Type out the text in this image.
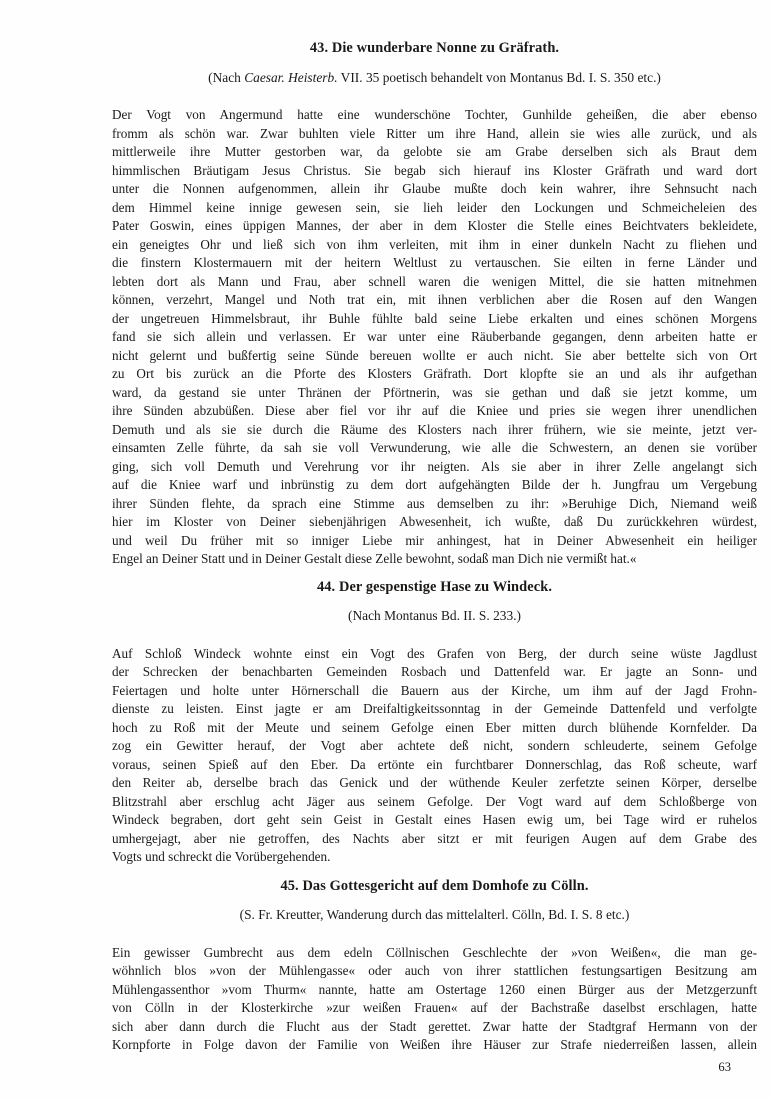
43. Die wunderbare Nonne zu Gräfrath.
(Nach Caesar. Heisterb. VII. 35 poetisch behandelt von Montanus Bd. I. S. 350 etc.)
Der Vogt von Angermund hatte eine wunderschöne Tochter, Gunhilde geheißen, die aber ebenso
fromm als schön war. Zwar buhlten viele Ritter um ihre Hand, allein sie wies alle zurück, und als
mittlerweile ihre Mutter gestorben war, da gelobte sie am Grabe derselben sich als Braut dem
himmlischen Bräutigam Jesus Christus. Sie begab sich hierauf ins Kloster Gräfrath und ward dort
unter die Nonnen aufgenommen, allein ihr Glaube mußte doch kein wahrer, ihre Sehnsucht nach
dem Himmel keine innige gewesen sein, sie lieh leider den Lockungen und Schmeicheleien des
Pater Goswin, eines üppigen Mannes, der aber in dem Kloster die Stelle eines Beichtvaters bekleidete,
ein geneigtes Ohr und ließ sich von ihm verleiten, mit ihm in einer dunkeln Nacht zu fliehen und
die finstern Klostermauern mit der heitern Weltlust zu vertauschen. Sie eilten in ferne Länder und
lebten dort als Mann und Frau, aber schnell waren die wenigen Mittel, die sie hatten mitnehmen
können, verzehrt, Mangel und Noth trat ein, mit ihnen verblichen aber die Rosen auf den Wangen
der ungetreuen Himmelsbraut, ihr Buhle fühlte bald seine Liebe erkalten und eines schönen Morgens
fand sie sich allein und verlassen. Er war unter eine Räuberbande gegangen, denn arbeiten hatte er
nicht gelernt und bußfertig seine Sünde bereuen wollte er auch nicht. Sie aber bettelte sich von Ort
zu Ort bis zurück an die Pforte des Klosters Gräfrath. Dort klopfte sie an und als ihr aufgethan
ward, da gestand sie unter Thränen der Pförtnerin, was sie gethan und daß sie jetzt komme, um
ihre Sünden abzubüßen. Diese aber fiel vor ihr auf die Kniee und pries sie wegen ihrer unendlichen
Demuth und als sie sie durch die Räume des Klosters nach ihrer frühern, wie sie meinte, jetzt ver-
einsamten Zelle führte, da sah sie voll Verwunderung, wie alle die Schwestern, an denen sie vorüber
ging, sich voll Demuth und Verehrung vor ihr neigten. Als sie aber in ihrer Zelle angelangt sich
auf die Kniee warf und inbrünstig zu dem dort aufgehängten Bilde der h. Jungfrau um Vergebung
ihrer Sünden flehte, da sprach eine Stimme aus demselben zu ihr: »Beruhige Dich, Niemand weiß
hier im Kloster von Deiner siebenjährigen Abwesenheit, ich wußte, daß Du zurückkehren würdest,
und weil Du früher mit so inniger Liebe mir anhingest, hat in Deiner Abwesenheit ein heiliger
Engel an Deiner Statt und in Deiner Gestalt diese Zelle bewohnt, sodaß man Dich nie vermißt hat.«
44. Der gespenstige Hase zu Windeck.
(Nach Montanus Bd. II. S. 233.)
Auf Schloß Windeck wohnte einst ein Vogt des Grafen von Berg, der durch seine wüste Jagdlust
der Schrecken der benachbarten Gemeinden Rosbach und Dattenfeld war. Er jagte an Sonn- und
Feiertagen und holte unter Hörnerschall die Bauern aus der Kirche, um ihm auf der Jagd Frohn-
dienste zu leisten. Einst jagte er am Dreifaltigkeitssonntag in der Gemeinde Dattenfeld und verfolgte
hoch zu Roß mit der Meute und seinem Gefolge einen Eber mitten durch blühende Kornfelder. Da
zog ein Gewitter herauf, der Vogt aber achtete deß nicht, sondern schleuderte, seinem Gefolge
voraus, seinen Spieß auf den Eber. Da ertönte ein furchtbarer Donnerschlag, das Roß scheute, warf
den Reiter ab, derselbe brach das Genick und der wüthende Keuler zerfetzte seinen Körper, derselbe
Blitzstrahl aber erschlug acht Jäger aus seinem Gefolge. Der Vogt ward auf dem Schloßberge von
Windeck begraben, dort geht sein Geist in Gestalt eines Hasen ewig um, bei Tage wird er ruhelos
umhergejagt, aber nie getroffen, des Nachts aber sitzt er mit feurigen Augen auf dem Grabe des
Vogts und schreckt die Vorübergehenden.
45. Das Gottesgericht auf dem Domhofe zu Cölln.
(S. Fr. Kreutter, Wanderung durch das mittelalterl. Cölln, Bd. I. S. 8 etc.)
Ein gewisser Gumbrecht aus dem edeln Cöllnischen Geschlechte der »von Weißen«, die man ge-
wöhnlich blos »von der Mühlengasse« oder auch von ihrer stattlichen festungsartigen Besitzung am
Mühlengassenthor »vom Thurm« nannte, hatte am Ostertage 1260 einen Bürger aus der Metzgerzunft
von Cölln in der Klosterkirche »zur weißen Frauen« auf der Bachstraße daselbst erschlagen, hatte
sich aber dann durch die Flucht aus der Stadt gerettet. Zwar hatte der Stadtgraf Hermann von der
Kornpforte in Folge davon der Familie von Weißen ihre Häuser zur Strafe niederreißen lassen, allein
63
